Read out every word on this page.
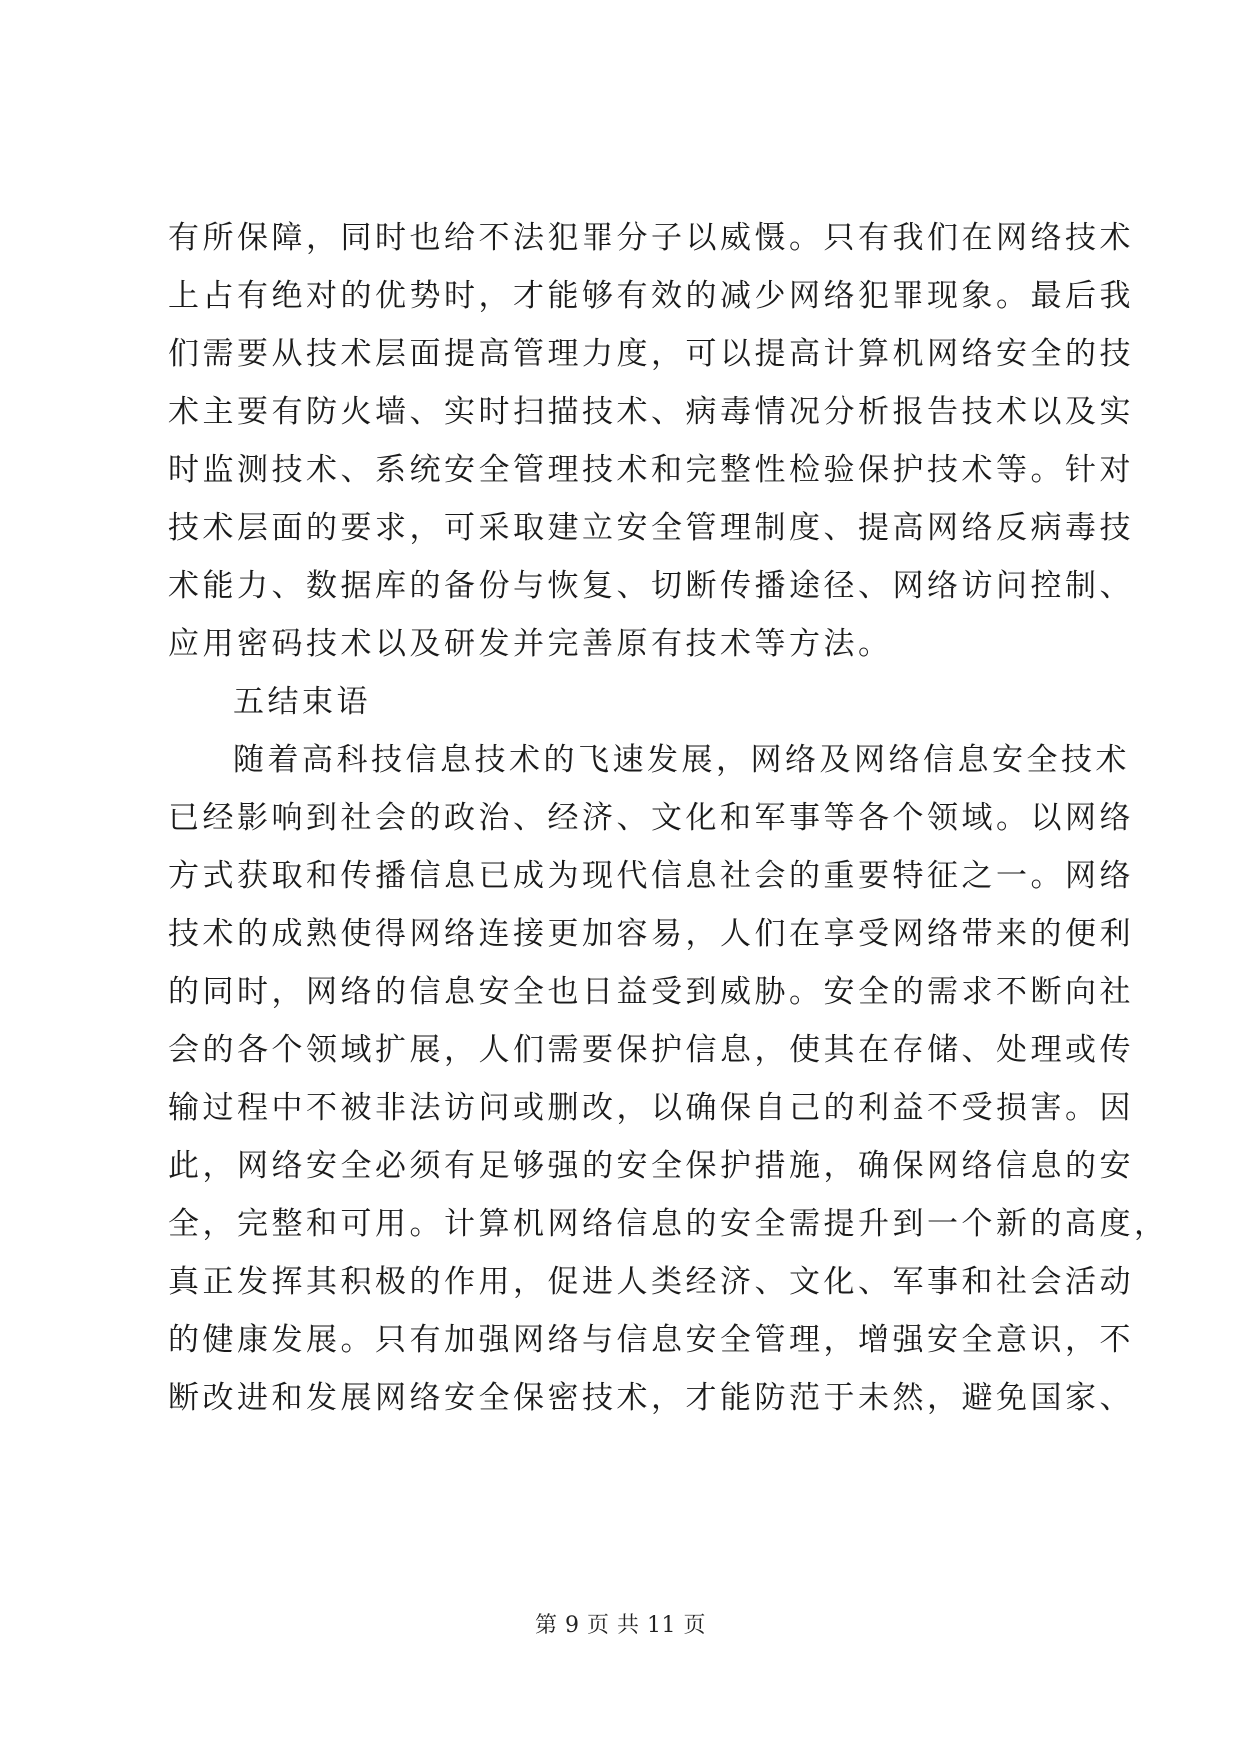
有所保障，同时也给不法犯罪分子以威慑。只有我们在网络技术
上占有绝对的优势时，才能够有效的减少网络犯罪现象。最后我
们需要从技术层面提高管理力度，可以提高计算机网络安全的技
术主要有防火墙、实时扫描技术、病毒情况分析报告技术以及实
时监测技术、系统安全管理技术和完整性检验保护技术等。针对
技术层面的要求，可采取建立安全管理制度、提高网络反病毒技
术能力、数据库的备份与恢复、切断传播途径、网络访问控制、
应用密码技术以及研发并完善原有技术等方法。
五结束语
随着高科技信息技术的飞速发展，网络及网络信息安全技术
已经影响到社会的政治、经济、文化和军事等各个领域。以网络
方式获取和传播信息已成为现代信息社会的重要特征之一。网络
技术的成熟使得网络连接更加容易，人们在享受网络带来的便利
的同时，网络的信息安全也日益受到威胁。安全的需求不断向社
会的各个领域扩展，人们需要保护信息，使其在存储、处理或传
输过程中不被非法访问或删改，以确保自己的利益不受损害。因
此，网络安全必须有足够强的安全保护措施，确保网络信息的安
全，完整和可用。计算机网络信息的安全需提升到一个新的高度，
真正发挥其积极的作用，促进人类经济、文化、军事和社会活动
的健康发展。只有加强网络与信息安全管理，增强安全意识，不
断改进和发展网络安全保密技术，才能防范于未然，避免国家、
第 9 页 共 11 页
